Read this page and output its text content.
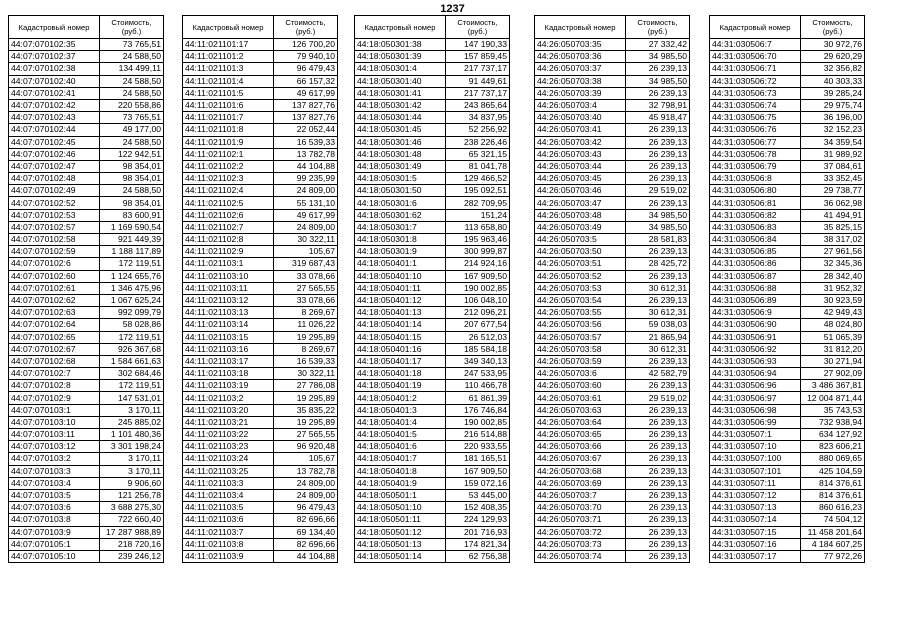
1237
Кадастровый номер	Стоимость, (руб.)
44:07:070102:35	73 765,51
44:07:070102:37	24 588,50
44:07:070102:38	134 499,11
44:07:070102:40	24 588,50
44:07:070102:41	24 588,50
44:07:070102:42	220 558,86
44:07:070102:43	73 765,51
44:07:070102:44	49 177,00
44:07:070102:45	24 588,50
44:07:070102:46	122 942,51
44:07:070102:47	98 354,01
44:07:070102:48	98 354,01
44:07:070102:49	24 588,50
44:07:070102:52	98 354,01
44:07:070102:53	83 600,91
44:07:070102:57	1 169 590,54
44:07:070102:58	921 449,39
44:07:070102:59	1 188 117,89
44:07:070102:6	172 119,51
44:07:070102:60	1 124 655,76
44:07:070102:61	1 346 475,96
44:07:070102:62	1 067 625,24
44:07:070102:63	992 099,79
44:07:070102:64	58 028,86
44:07:070102:65	172 119,51
44:07:070102:67	926 367,68
44:07:070102:68	1 584 661,63
44:07:070102:7	302 684,46
44:07:070102:8	172 119,51
44:07:070102:9	147 531,01
44:07:070103:1	3 170,11
44:07:070103:10	245 885,02
44:07:070103:11	1 101 480,36
44:07:070103:12	3 301 198,24
44:07:070103:2	3 170,11
44:07:070103:3	3 170,11
44:07:070103:4	9 906,60
44:07:070103:5	121 256,78
44:07:070103:6	3 688 275,30
44:07:070103:8	722 660,40
44:07:070103:9	17 287 988,89
44:07:070105:1	218 720,16
44:07:070105:10	239 246,12
Кадастровый номер	Стоимость, (руб.)
44:11:021101:17	126 700,20
44:11:021101:2	79 940,10
44:11:021101:3	96 479,43
44:11:021101:4	66 157,32
44:11:021101:5	49 617,99
44:11:021101:6	137 827,76
44:11:021101:7	137 827,76
44:11:021101:8	22 052,44
44:11:021101:9	16 539,33
44:11:021102:1	13 782,78
44:11:021102:2	44 104,88
44:11:021102:3	99 235,99
44:11:021102:4	24 809,00
44:11:021102:5	55 131,10
44:11:021102:6	49 617,99
44:11:021102:7	24 809,00
44:11:021102:8	30 322,11
44:11:021102:9	105,67
44:11:021103:1	319 687,43
44:11:021103:10	33 078,66
44:11:021103:11	27 565,55
44:11:021103:12	33 078,66
44:11:021103:13	8 269,67
44:11:021103:14	11 026,22
44:11:021103:15	19 295,89
44:11:021103:16	8 269,67
44:11:021103:17	16 539,33
44:11:021103:18	30 322,11
44:11:021103:19	27 786,08
44:11:021103:2	19 295,89
44:11:021103:20	35 835,22
44:11:021103:21	19 295,89
44:11:021103:22	27 565,55
44:11:021103:23	96 920,48
44:11:021103:24	105,67
44:11:021103:25	13 782,78
44:11:021103:3	24 809,00
44:11:021103:4	24 809,00
44:11:021103:5	96 479,43
44:11:021103:6	82 696,66
44:11:021103:7	69 134,40
44:11:021103:8	82 696,66
44:11:021103:9	44 104,88
Кадастровый номер	Стоимость, (руб.)
44:18:050301:38	147 190,33
44:18:050301:39	157 859,45
44:18:050301:4	217 737,17
44:18:050301:40	91 449,61
44:18:050301:41	217 737,17
44:18:050301:42	243 865,64
44:18:050301:44	34 837,95
44:18:050301:45	52 256,92
44:18:050301:46	238 226,46
44:18:050301:48	65 321,15
44:18:050301:49	81 041,78
44:18:050301:5	129 466,52
44:18:050301:50	195 092,51
44:18:050301:6	282 709,95
44:18:050301:62	151,24
44:18:050301:7	113 658,80
44:18:050301:8	195 963,46
44:18:050301:9	300 999,87
44:18:050401:1	214 924,16
44:18:050401:10	167 909,50
44:18:050401:11	190 002,85
44:18:050401:12	106 048,10
44:18:050401:13	212 096,21
44:18:050401:14	207 677,54
44:18:050401:15	26 512,03
44:18:050401:16	185 584,18
44:18:050401:17	349 340,13
44:18:050401:18	247 533,95
44:18:050401:19	110 466,78
44:18:050401:2	61 861,39
44:18:050401:3	176 746,84
44:18:050401:4	190 002,85
44:18:050401:5	216 514,88
44:18:050401:6	220 933,55
44:18:050401:7	181 165,51
44:18:050401:8	167 909,50
44:18:050401:9	159 072,16
44:18:050501:1	53 445,00
44:18:050501:10	152 408,35
44:18:050501:11	224 129,93
44:18:050501:12	201 716,93
44:18:050501:13	174 821,34
44:18:050501:14	62 756,38
Кадастровый номер	Стоимость, (руб.)
44:26:050703:35	27 332,42
44:26:050703:36	34 985,50
44:26:050703:37	26 239,13
44:26:050703:38	34 985,50
44:26:050703:39	26 239,13
44:26:050703:4	32 798,91
44:26:050703:40	45 918,47
44:26:050703:41	26 239,13
44:26:050703:42	26 239,13
44:26:050703:43	26 239,13
44:26:050703:44	26 239,13
44:26:050703:45	26 239,13
44:26:050703:46	29 519,02
44:26:050703:47	26 239,13
44:26:050703:48	34 985,50
44:26:050703:49	34 985,50
44:26:050703:5	28 581,83
44:26:050703:50	26 239,13
44:26:050703:51	28 425,72
44:26:050703:52	26 239,13
44:26:050703:53	30 612,31
44:26:050703:54	26 239,13
44:26:050703:55	30 612,31
44:26:050703:56	59 038,03
44:26:050703:57	21 865,94
44:26:050703:58	30 612,31
44:26:050703:59	26 239,13
44:26:050703:6	42 582,79
44:26:050703:60	26 239,13
44:26:050703:61	29 519,02
44:26:050703:63	26 239,13
44:26:050703:64	26 239,13
44:26:050703:65	26 239,13
44:26:050703:66	26 239,13
44:26:050703:67	26 239,13
44:26:050703:68	26 239,13
44:26:050703:69	26 239,13
44:26:050703:7	26 239,13
44:26:050703:70	26 239,13
44:26:050703:71	26 239,13
44:26:050703:72	26 239,13
44:26:050703:73	26 239,13
44:26:050703:74	26 239,13
Кадастровый номер	Стоимость, (руб.)
44:31:030506:7	30 972,76
44:31:030506:70	29 620,29
44:31:030506:71	32 356,82
44:31:030506:72	40 303,33
44:31:030506:73	39 285,24
44:31:030506:74	29 975,74
44:31:030506:75	36 196,00
44:31:030506:76	32 152,23
44:31:030506:77	34 359,54
44:31:030506:78	31 989,92
44:31:030506:79	37 084,61
44:31:030506:8	33 352,45
44:31:030506:80	29 738,77
44:31:030506:81	36 062,98
44:31:030506:82	41 494,91
44:31:030506:83	35 825,15
44:31:030506:84	38 317,02
44:31:030506:85	27 961,56
44:31:030506:86	32 345,36
44:31:030506:87	28 342,40
44:31:030506:88	31 952,32
44:31:030506:89	30 923,59
44:31:030506:9	42 949,43
44:31:030506:90	48 024,80
44:31:030506:91	51 065,39
44:31:030506:92	31 812,20
44:31:030506:93	30 271,94
44:31:030506:94	27 902,09
44:31:030506:96	3 486 367,81
44:31:030506:97	12 004 871,44
44:31:030506:98	35 743,53
44:31:030506:99	732 938,94
44:31:030507:1	634 127,92
44:31:030507:10	823 606,21
44:31:030507:100	880 069,65
44:31:030507:101	425 104,59
44:31:030507:11	814 376,61
44:31:030507:12	814 376,61
44:31:030507:13	860 616,23
44:31:030507:14	74 504,12
44:31:030507:15	11 458 201,64
44:31:030507:16	4 184 607,25
44:31:030507:17	77 972,26
